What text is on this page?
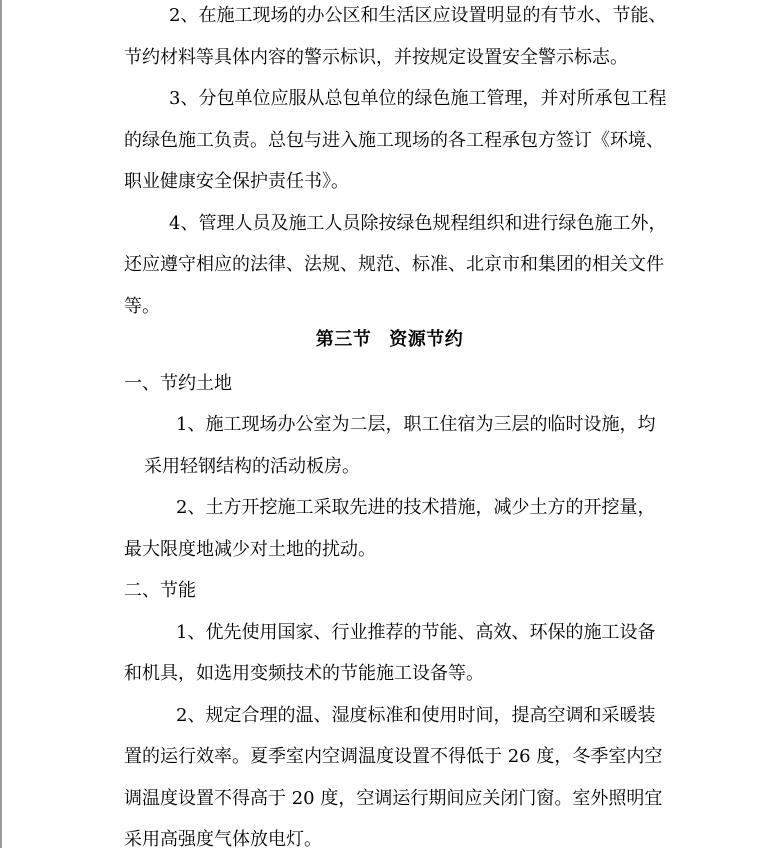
2、在施工现场的办公区和生活区应设置明显的有节水、节能、
节约材料等具体内容的警示标识，并按规定设置安全警示标志。
3、分包单位应服从总包单位的绿色施工管理，并对所承包工程
的绿色施工负责。总包与进入施工现场的各工程承包方签订《环境、
职业健康安全保护责任书》。
4、管理人员及施工人员除按绿色规程组织和进行绿色施工外，
还应遵守相应的法律、法规、规范、标准、北京市和集团的相关文件
等。
第三节 资源节约
一、节约土地
1、施工现场办公室为二层，职工住宿为三层的临时设施，均
采用轻钢结构的活动板房。
2、土方开挖施工采取先进的技术措施，减少土方的开挖量，
最大限度地减少对土地的扰动。
二、节能
1、优先使用国家、行业推荐的节能、高效、环保的施工设备
和机具，如选用变频技术的节能施工设备等。
2、规定合理的温、湿度标准和使用时间，提高空调和采暖装
置的运行效率。夏季室内空调温度设置不得低于 26 度，冬季室内空
调温度设置不得高于 20 度，空调运行期间应关闭门窗。室外照明宜
采用高强度气体放电灯。
